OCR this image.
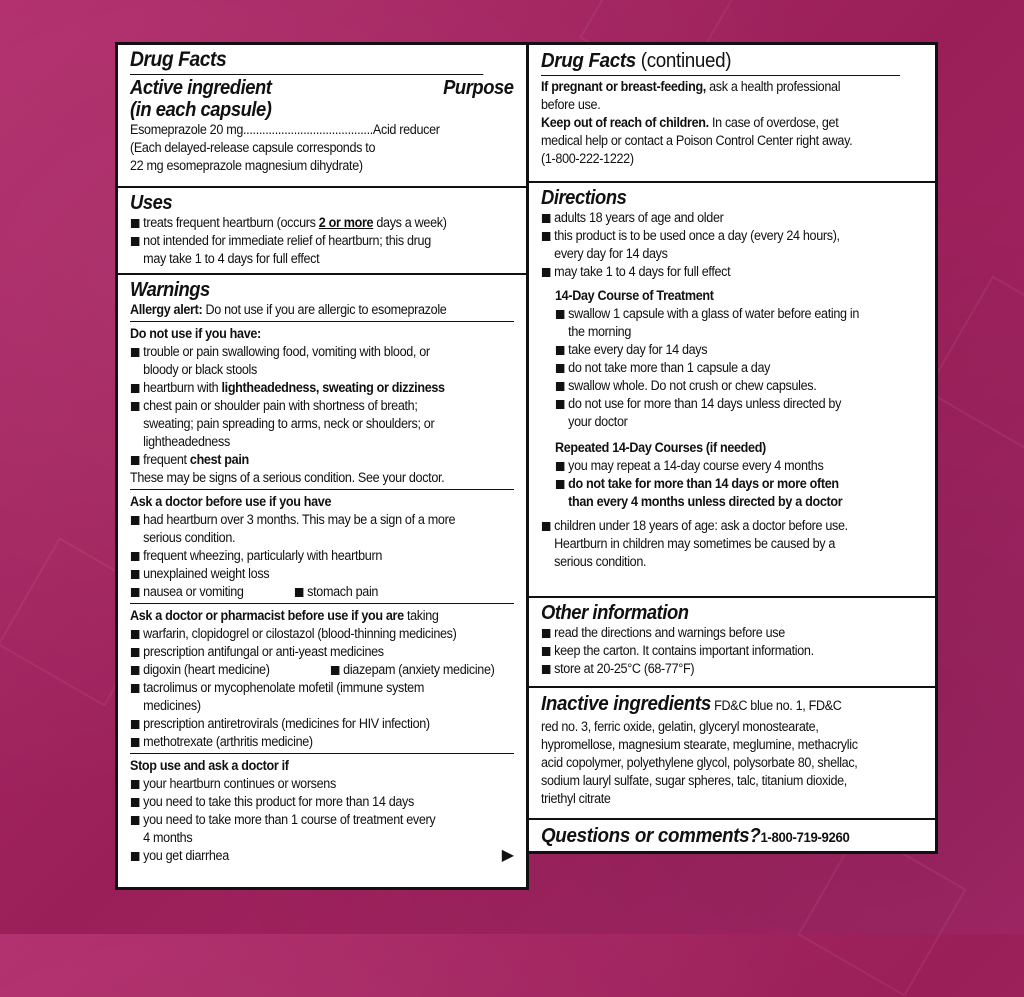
Drug Facts
Active ingredient	Purpose
(in each capsule)
Esomeprazole 20 mg.........................................Acid reducer
(Each delayed-release capsule corresponds to
22 mg esomeprazole magnesium dihydrate)
Uses
treats frequent heartburn (occurs 2 or more days a week)
not intended for immediate relief of heartburn; this drug
may take 1 to 4 days for full effect
Warnings
Allergy alert: Do not use if you are allergic to esomeprazole
Do not use if you have:
trouble or pain swallowing food, vomiting with blood, or
bloody or black stools
heartburn with lightheadedness, sweating or dizziness
chest pain or shoulder pain with shortness of breath;
sweating; pain spreading to arms, neck or shoulders; or
lightheadedness
frequent chest pain
These may be signs of a serious condition. See your doctor.
Ask a doctor before use if you have
had heartburn over 3 months. This may be a sign of a more
serious condition.
frequent wheezing, particularly with heartburn
unexplained weight loss
nausea or vomiting	stomach pain
Ask a doctor or pharmacist before use if you are taking
warfarin, clopidogrel or cilostazol (blood-thinning medicines)
prescription antifungal or anti-yeast medicines
digoxin (heart medicine)	diazepam (anxiety medicine)
tacrolimus or mycophenolate mofetil (immune system
medicines)
prescription antiretrovirals (medicines for HIV infection)
methotrexate (arthritis medicine)
Stop use and ask a doctor if
your heartburn continues or worsens
you need to take this product for more than 14 days
you need to take more than 1 course of treatment every
4 months
you get diarrhea	▶
Drug Facts (continued)
If pregnant or breast-feeding, ask a health professional
before use.
Keep out of reach of children. In case of overdose, get
medical help or contact a Poison Control Center right away.
(1-800-222-1222)
Directions
adults 18 years of age and older
this product is to be used once a day (every 24 hours),
every day for 14 days
may take 1 to 4 days for full effect
14-Day Course of Treatment
swallow 1 capsule with a glass of water before eating in
the morning
take every day for 14 days
do not take more than 1 capsule a day
swallow whole. Do not crush or chew capsules.
do not use for more than 14 days unless directed by
your doctor
Repeated 14-Day Courses (if needed)
you may repeat a 14-day course every 4 months
do not take for more than 14 days or more often
than every 4 months unless directed by a doctor
children under 18 years of age: ask a doctor before use.
Heartburn in children may sometimes be caused by a
serious condition.
Other information
read the directions and warnings before use
keep the carton. It contains important information.
store at 20-25°C (68-77°F)
Inactive ingredients FD&C blue no. 1, FD&C
red no. 3, ferric oxide, gelatin, glyceryl monostearate,
hypromellose, magnesium stearate, meglumine, methacrylic
acid copolymer, polyethylene glycol, polysorbate 80, shellac,
sodium lauryl sulfate, sugar spheres, talc, titanium dioxide,
triethyl citrate
Questions or comments?1-800-719-9260
